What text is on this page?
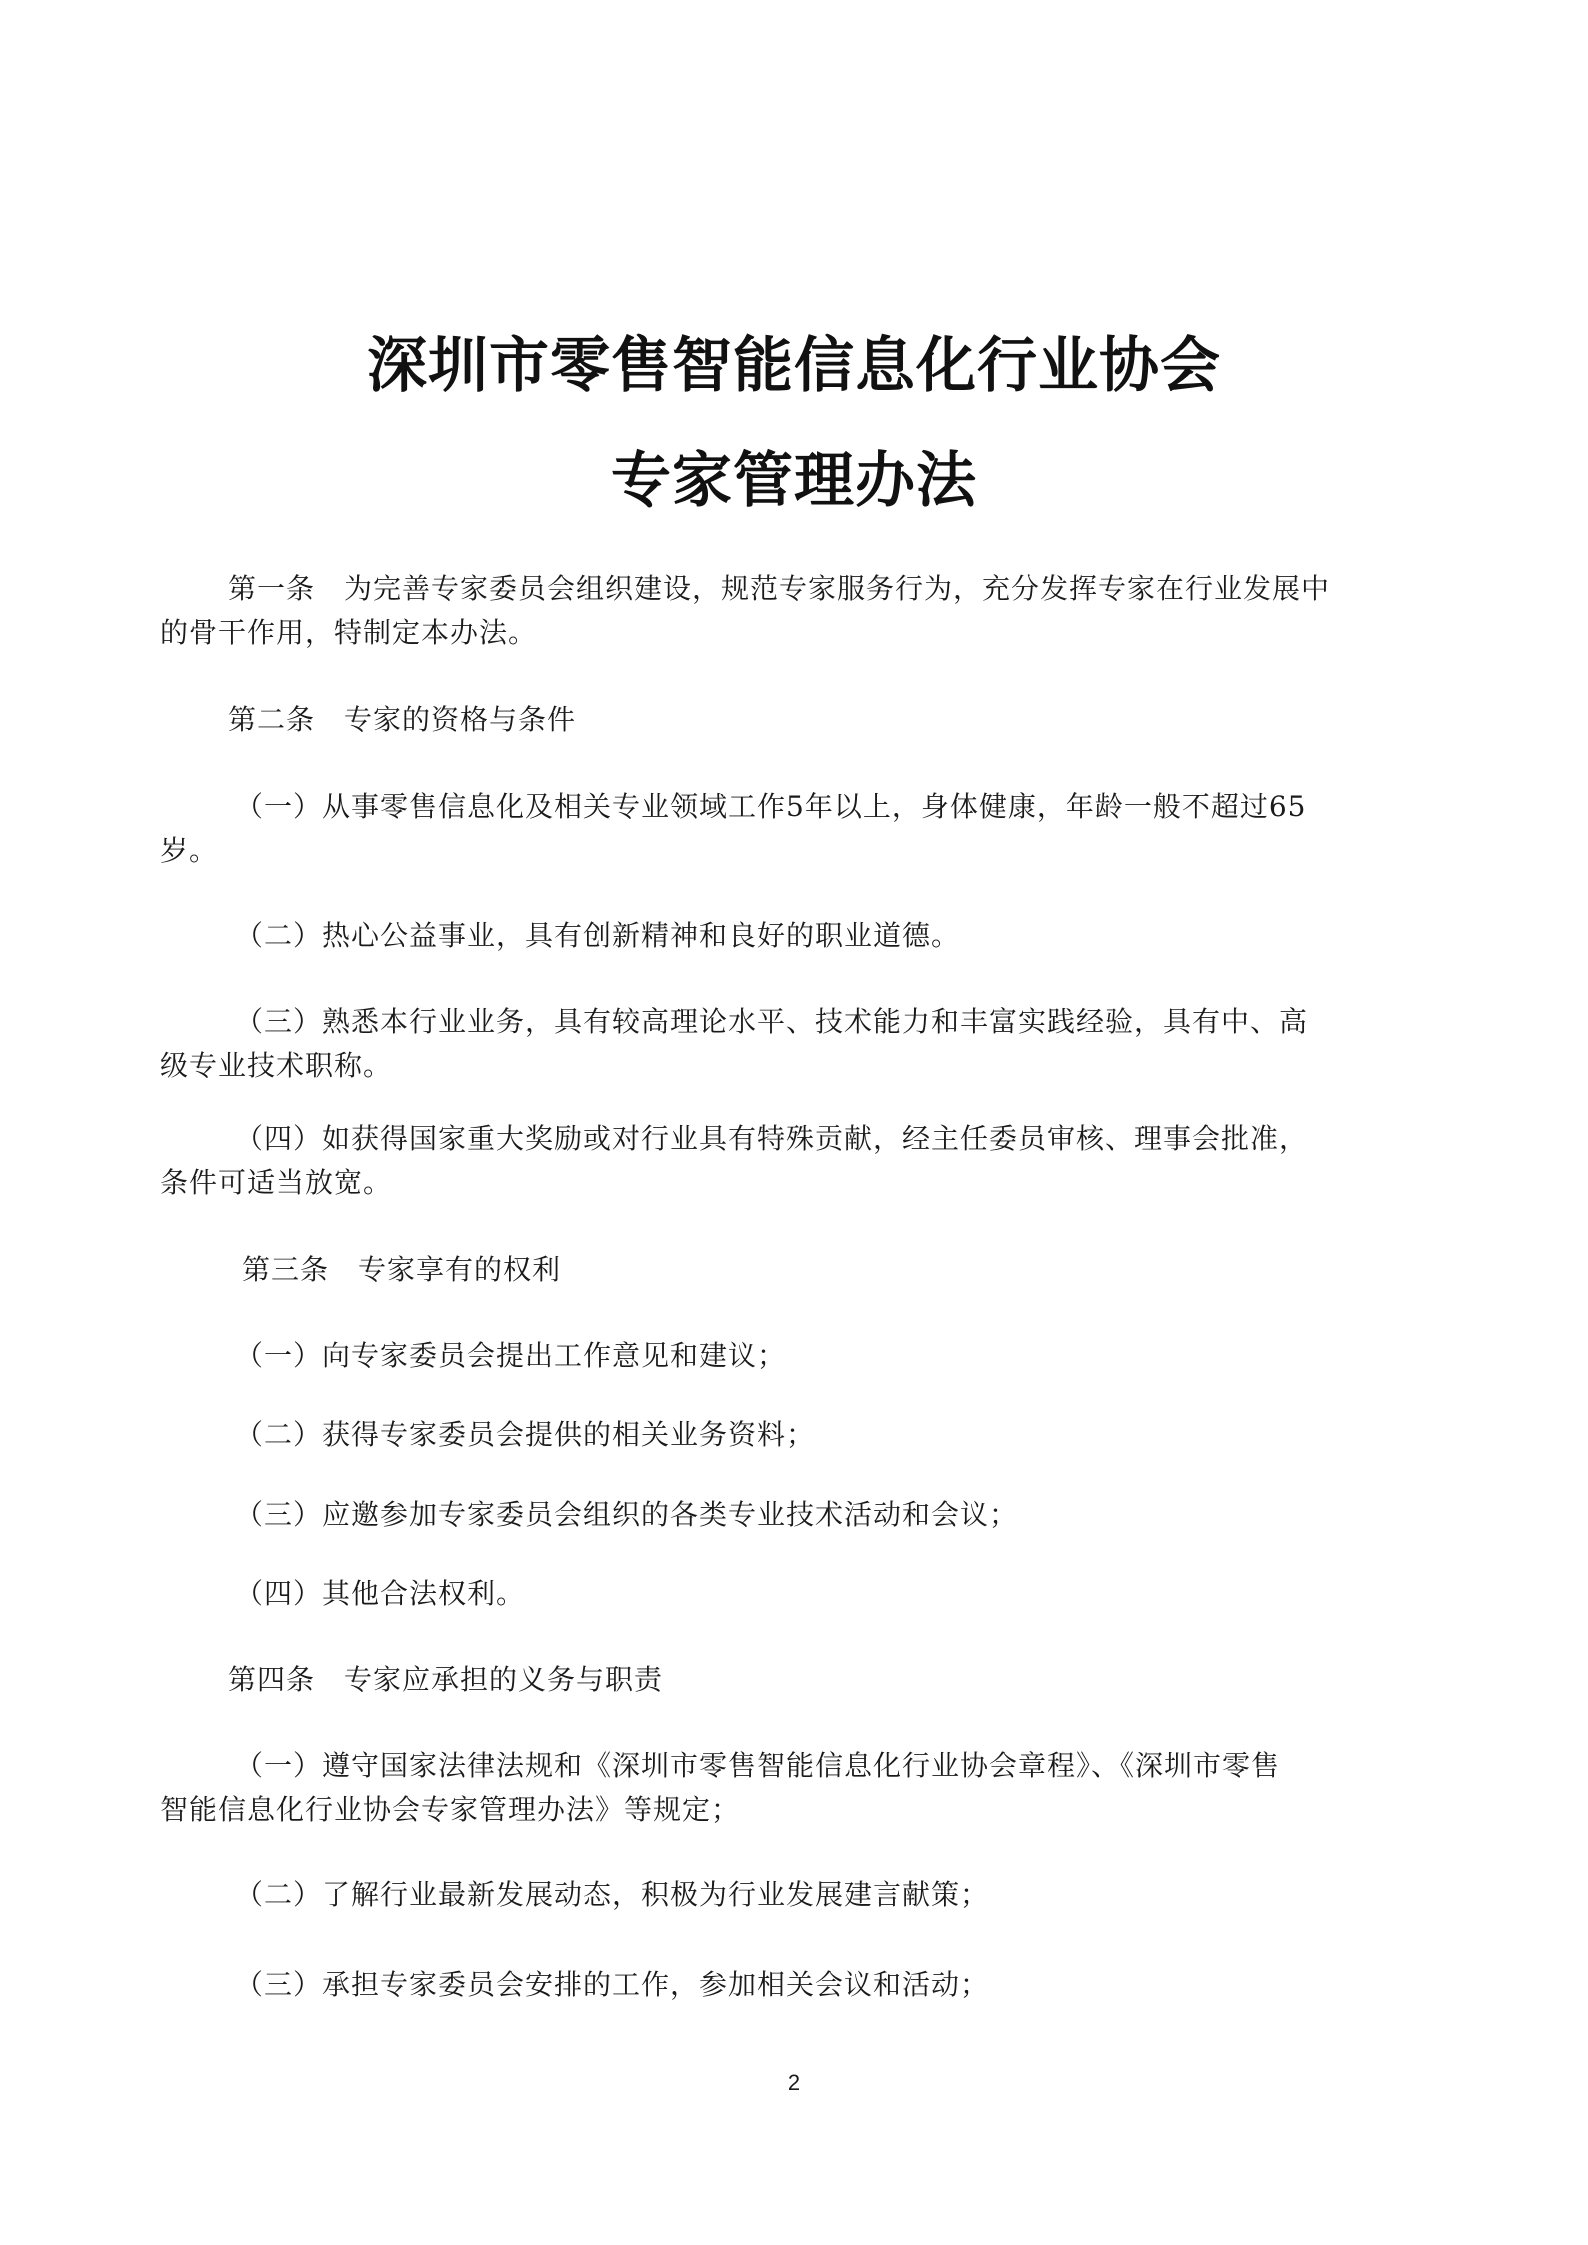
深圳市零售智能信息化行业协会
专家管理办法
第一条　为完善专家委员会组织建设，规范专家服务行为，充分发挥专家在行业发展中
的骨干作用，特制定本办法。
第二条　专家的资格与条件
（一）从事零售信息化及相关专业领域工作5年以上，身体健康，年龄一般不超过65
岁。
（二）热心公益事业，具有创新精神和良好的职业道德。
（三）熟悉本行业业务，具有较高理论水平、技术能力和丰富实践经验，具有中、高
级专业技术职称。
（四）如获得国家重大奖励或对行业具有特殊贡献，经主任委员审核、理事会批准，
条件可适当放宽。
第三条　专家享有的权利
（一）向专家委员会提出工作意见和建议；
（二）获得专家委员会提供的相关业务资料；
（三）应邀参加专家委员会组织的各类专业技术活动和会议；
（四）其他合法权利。
第四条　专家应承担的义务与职责
（一）遵守国家法律法规和《深圳市零售智能信息化行业协会章程》、《深圳市零售
智能信息化行业协会专家管理办法》等规定；
（二）了解行业最新发展动态，积极为行业发展建言献策；
（三）承担专家委员会安排的工作，参加相关会议和活动；
2
